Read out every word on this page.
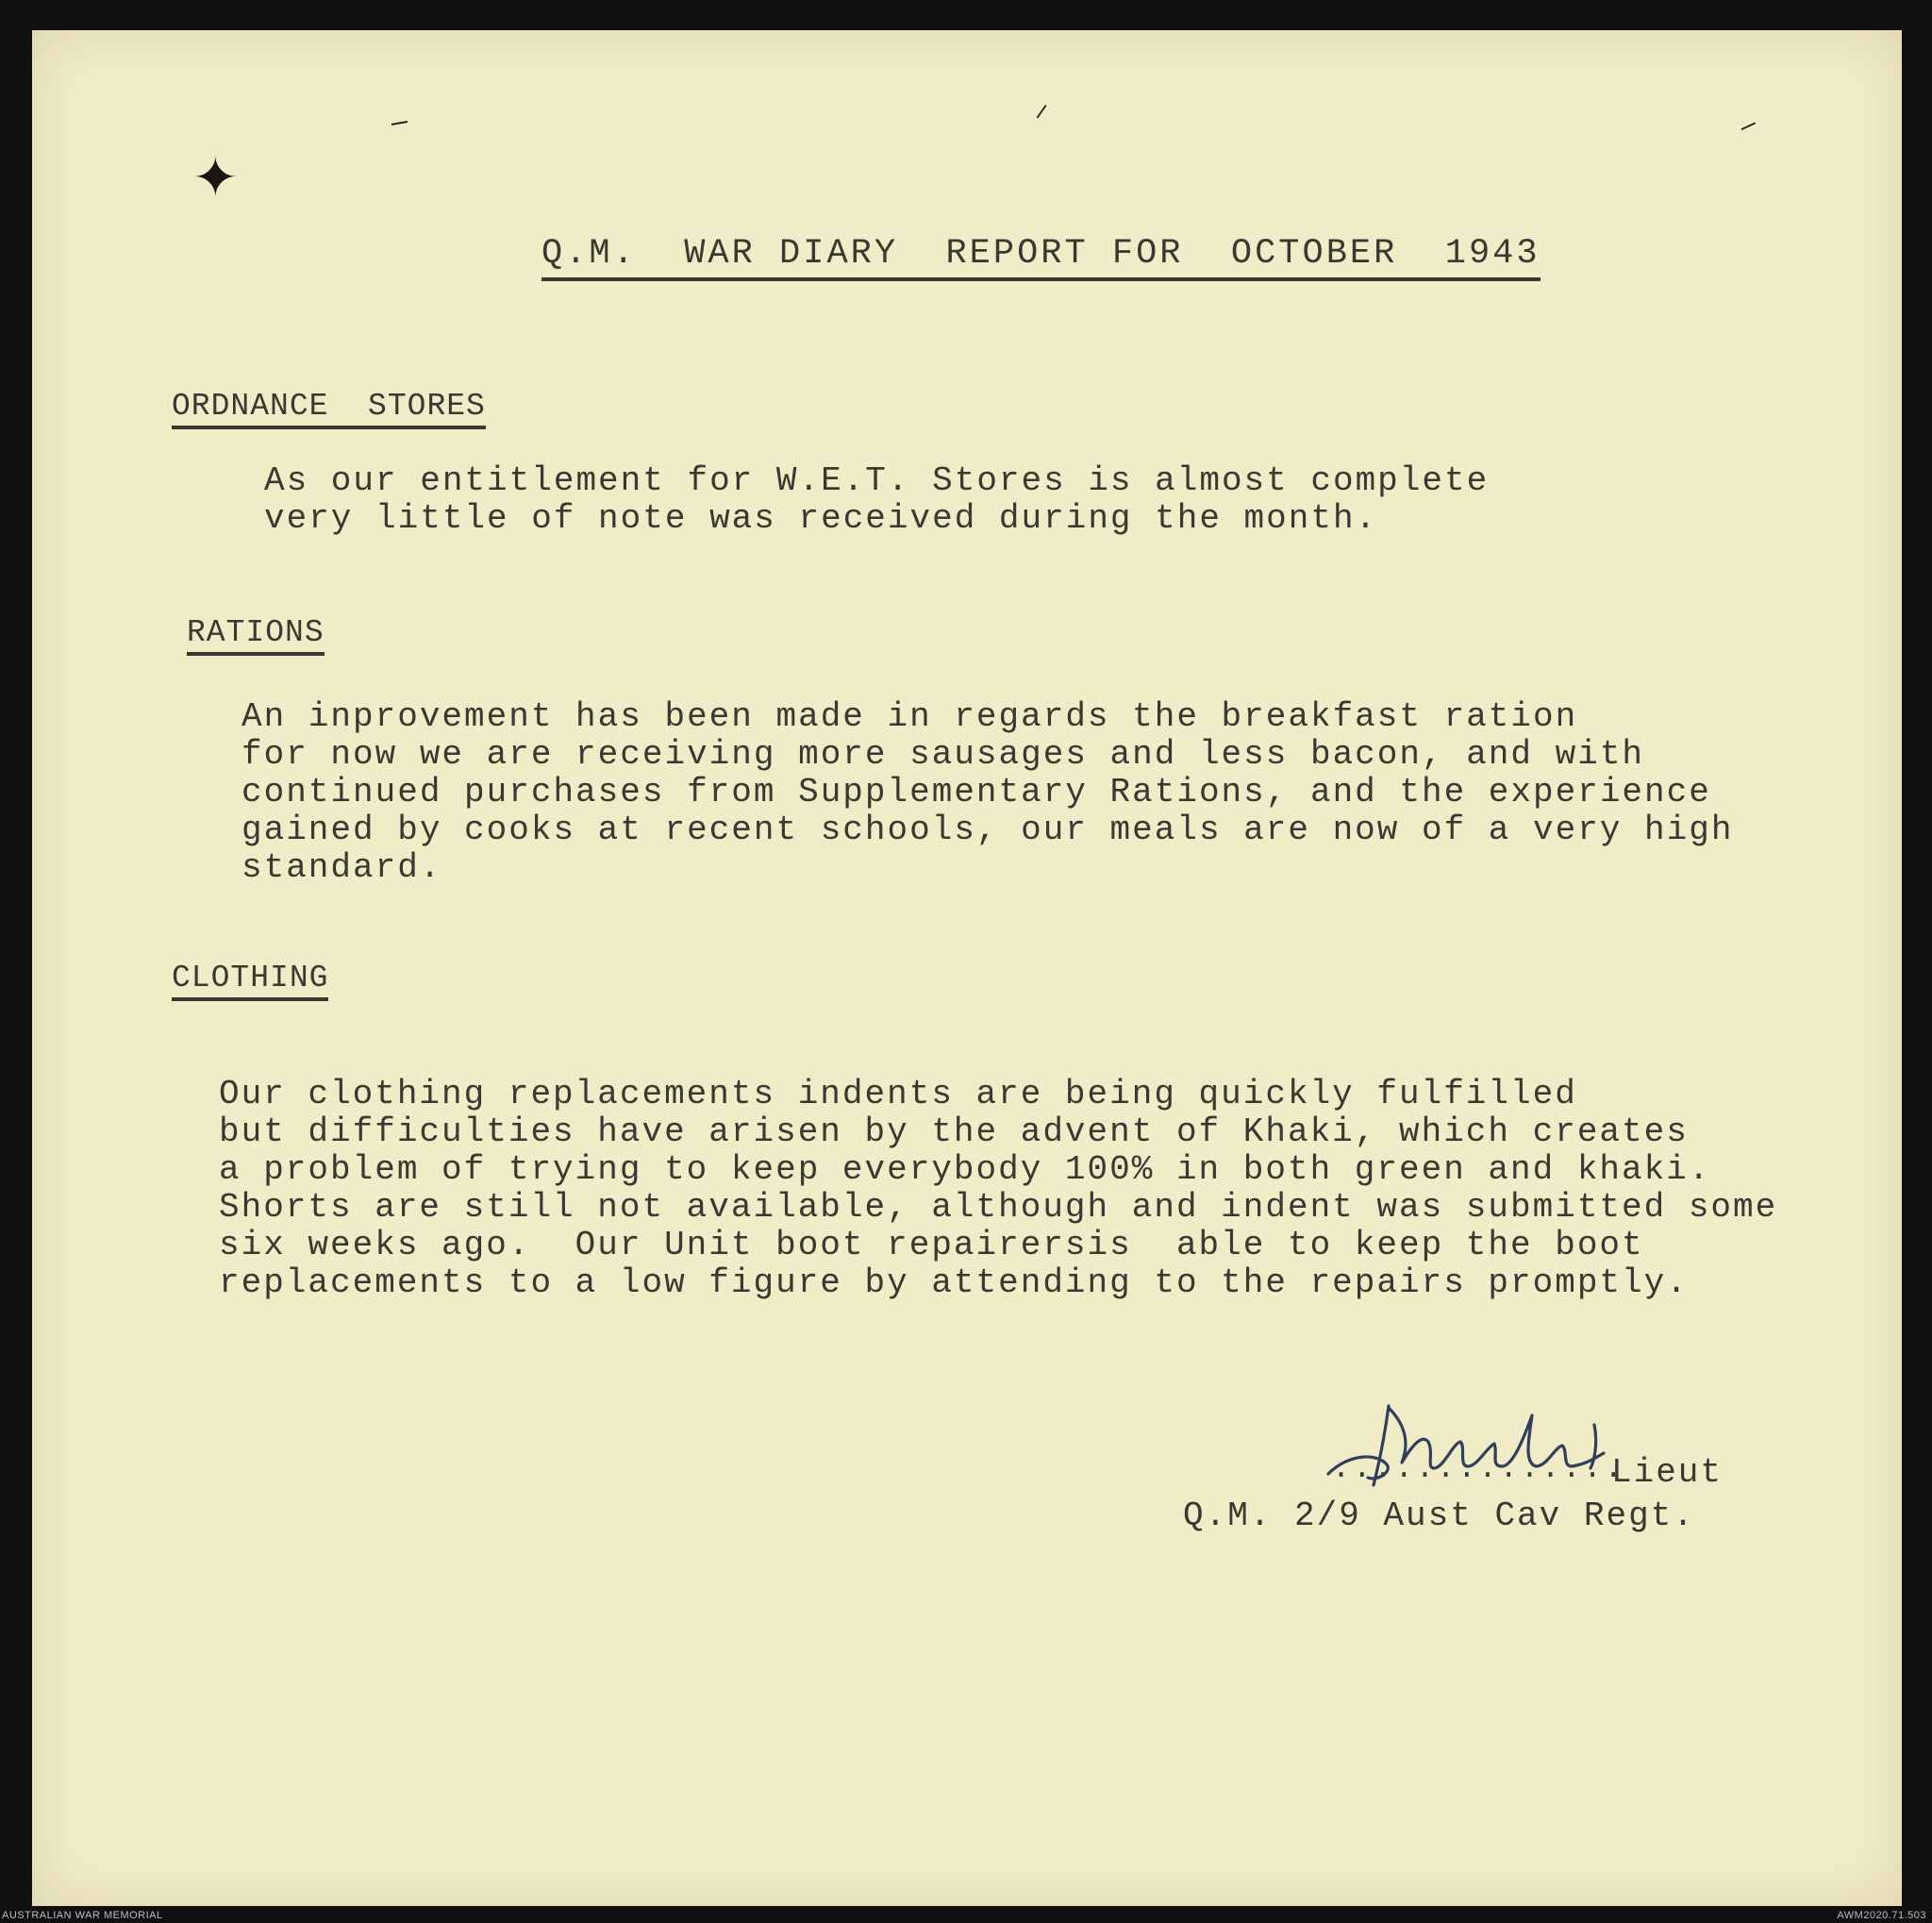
✦
⸝	⸝	⸝
Q.M.  WAR DIARY  REPORT FOR  OCTOBER  1943
ORDNANCE  STORES
As our entitlement for W.E.T. Stores is almost complete
very little of note was received during the month.
RATIONS
An inprovement has been made in regards the breakfast ration
for now we are receiving more sausages and less bacon, and with
continued purchases from Supplementary Rations, and the experience
gained by cooks at recent schools, our meals are now of a very high
standard.
CLOTHING
Our clothing replacements indents are being quickly fulfilled
but difficulties have arisen by the advent of Khaki, which creates
a problem of trying to keep everybody 100% in both green and khaki.
Shorts are still not available, although and indent was submitted some
six weeks ago.  Our Unit boot repairersis  able to keep the boot
replacements to a low figure by attending to the repairs promptly.
..............
Lieut
Q.M. 2/9 Aust Cav Regt.
AUSTRALIAN WAR MEMORIAL	AWM2020.71.503
